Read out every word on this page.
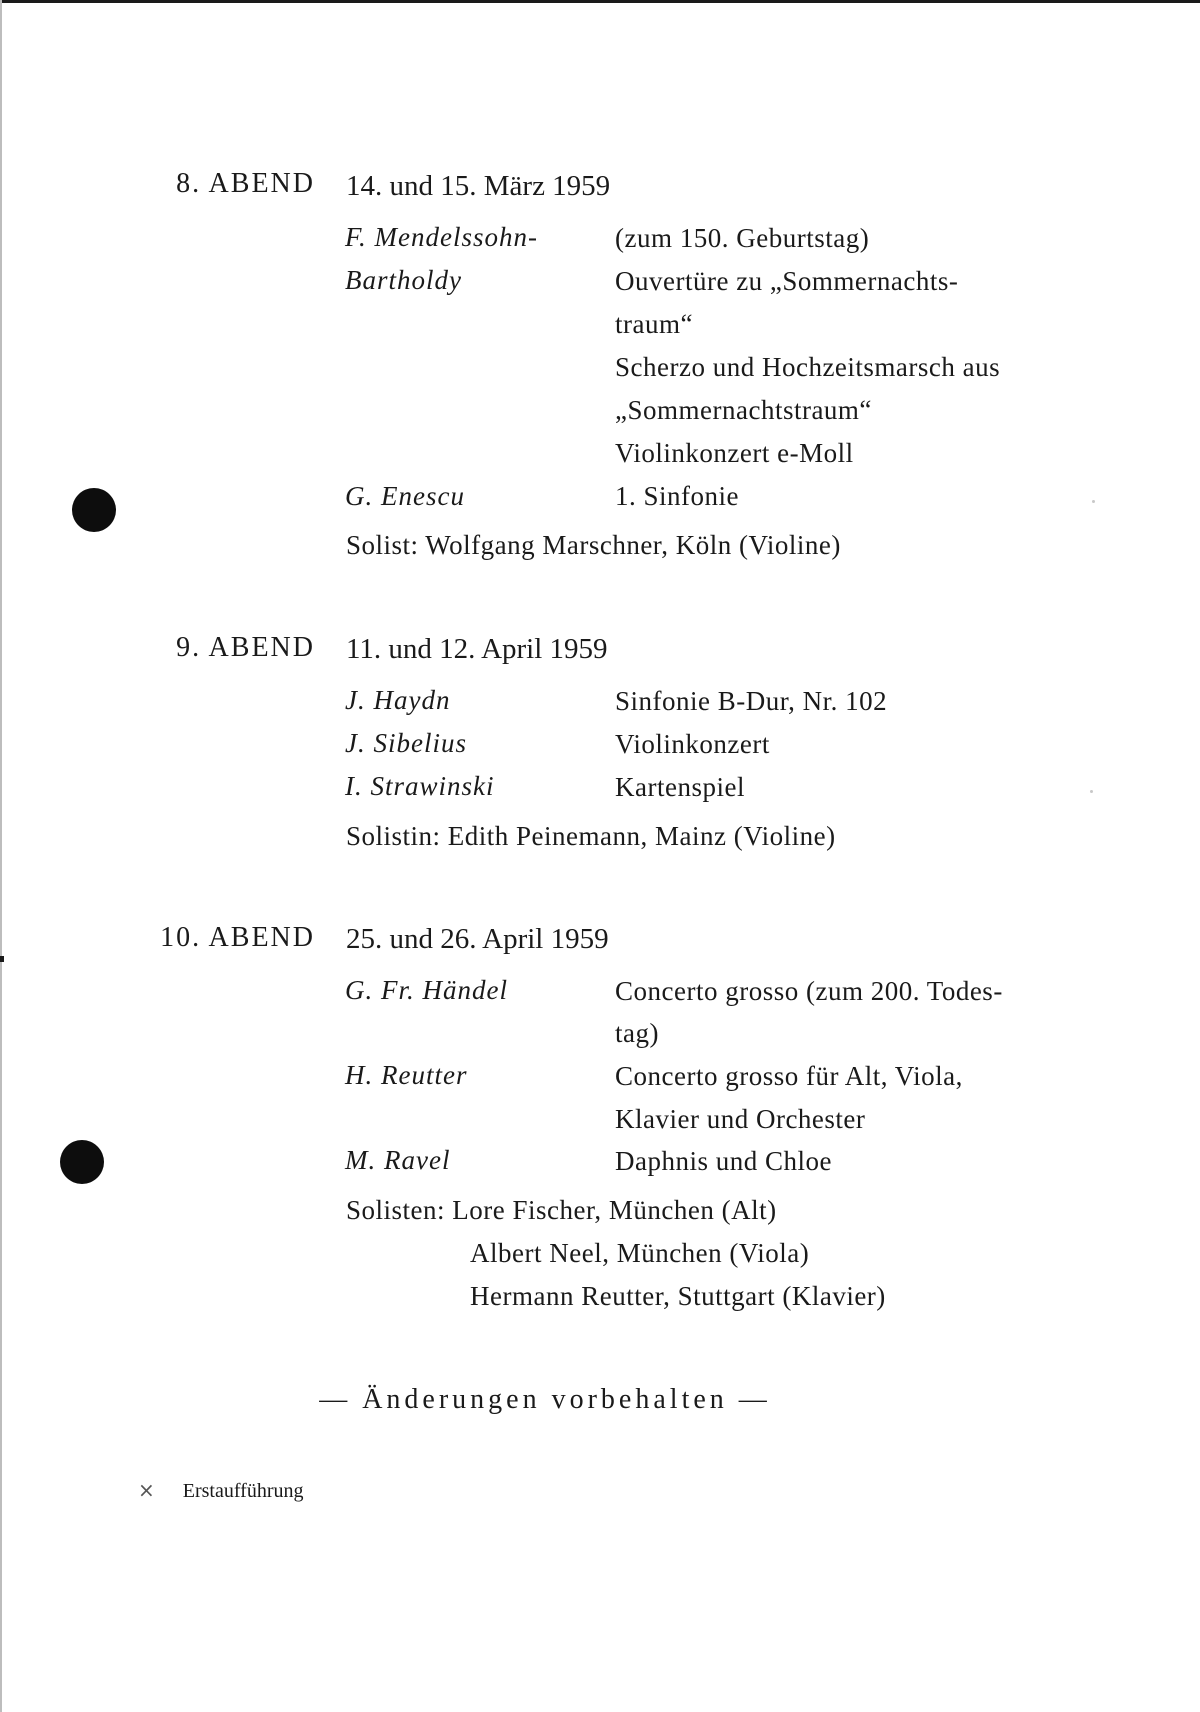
8. ABEND 14. und 15. März 1959
F. Mendelssohn-
Bartholdy
G. Enescu
(zum 150. Geburtstag)
Ouvertüre zu „Sommernachts-
traum“
Scherzo und Hochzeitsmarsch aus
„Sommernachtstraum“
Violinkonzert e-Moll
1. Sinfonie
Solist: Wolfgang Marschner, Köln (Violine)
9. ABEND 11. und 12. April 1959
J. Haydn
J. Sibelius
I. Strawinski
Sinfonie B-Dur, Nr. 102
Violinkonzert
Kartenspiel
Solistin: Edith Peinemann, Mainz (Violine)
10. ABEND 25. und 26. April 1959
G. Fr. Händel
H. Reutter
M. Ravel
Concerto grosso (zum 200. Todes-
tag)
Concerto grosso für Alt, Viola,
Klavier und Orchester
Daphnis und Chloe
Solisten: Lore Fischer, München (Alt)
Albert Neel, München (Viola)
Hermann Reutter, Stuttgart (Klavier)
— Änderungen vorbehalten —
× Erstaufführung
